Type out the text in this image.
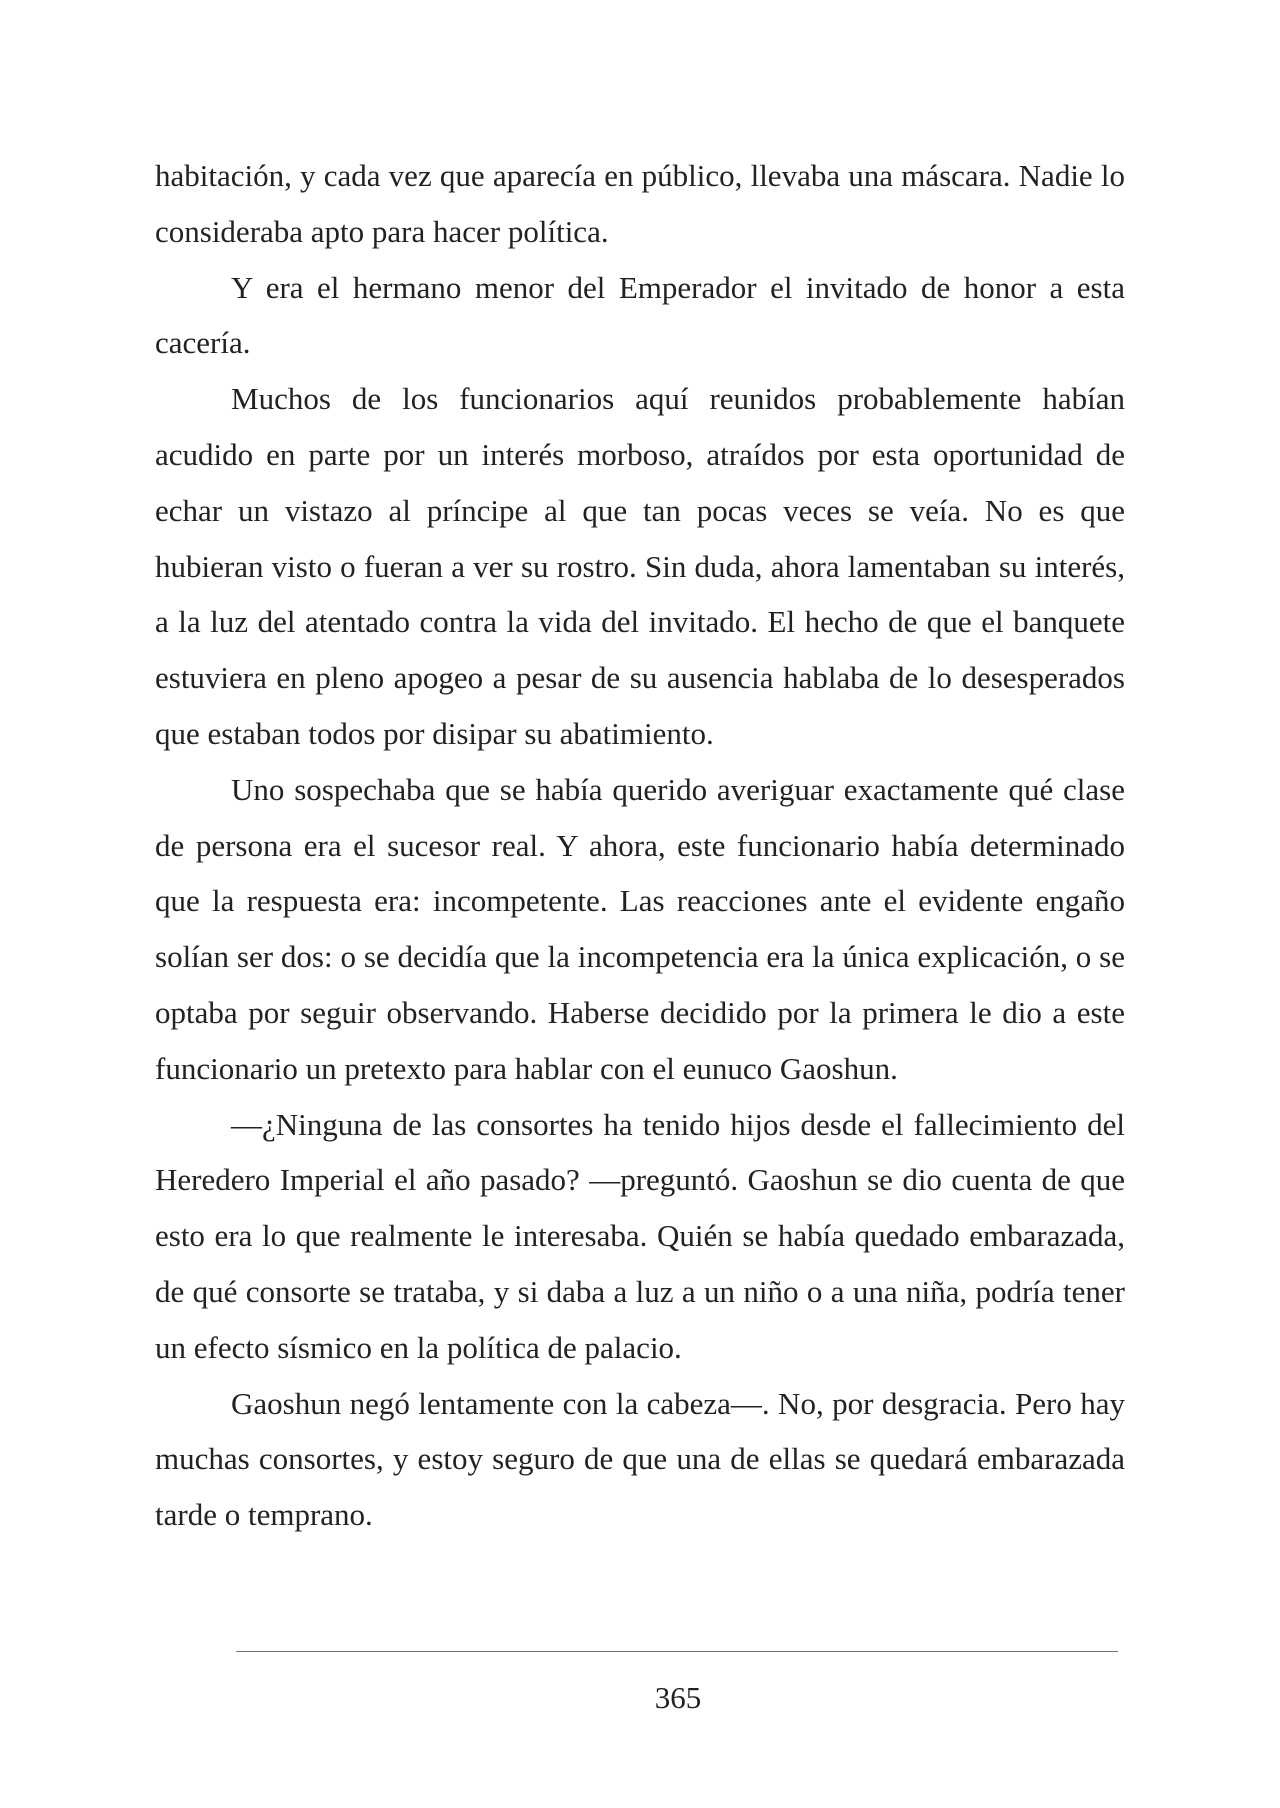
habitación, y cada vez que aparecía en público, llevaba una máscara. Nadie lo consideraba apto para hacer política.

Y era el hermano menor del Emperador el invitado de honor a esta cacería.

Muchos de los funcionarios aquí reunidos probablemente habían acudido en parte por un interés morboso, atraídos por esta oportunidad de echar un vistazo al príncipe al que tan pocas veces se veía. No es que hubieran visto o fueran a ver su rostro. Sin duda, ahora lamentaban su interés, a la luz del atentado contra la vida del invitado. El hecho de que el banquete estuviera en pleno apogeo a pesar de su ausencia hablaba de lo desesperados que estaban todos por disipar su abatimiento.

Uno sospechaba que se había querido averiguar exactamente qué clase de persona era el sucesor real. Y ahora, este funcionario había determinado que la respuesta era: incompetente. Las reacciones ante el evidente engaño solían ser dos: o se decidía que la incompetencia era la única explicación, o se optaba por seguir observando. Haberse decidido por la primera le dio a este funcionario un pretexto para hablar con el eunuco Gaoshun.

—¿Ninguna de las consortes ha tenido hijos desde el fallecimiento del Heredero Imperial el año pasado? —preguntó. Gaoshun se dio cuenta de que esto era lo que realmente le interesaba. Quién se había quedado embarazada, de qué consorte se trataba, y si daba a luz a un niño o a una niña, podría tener un efecto sísmico en la política de palacio.

Gaoshun negó lentamente con la cabeza—. No, por desgracia. Pero hay muchas consortes, y estoy seguro de que una de ellas se quedará embarazada tarde o temprano.

365
